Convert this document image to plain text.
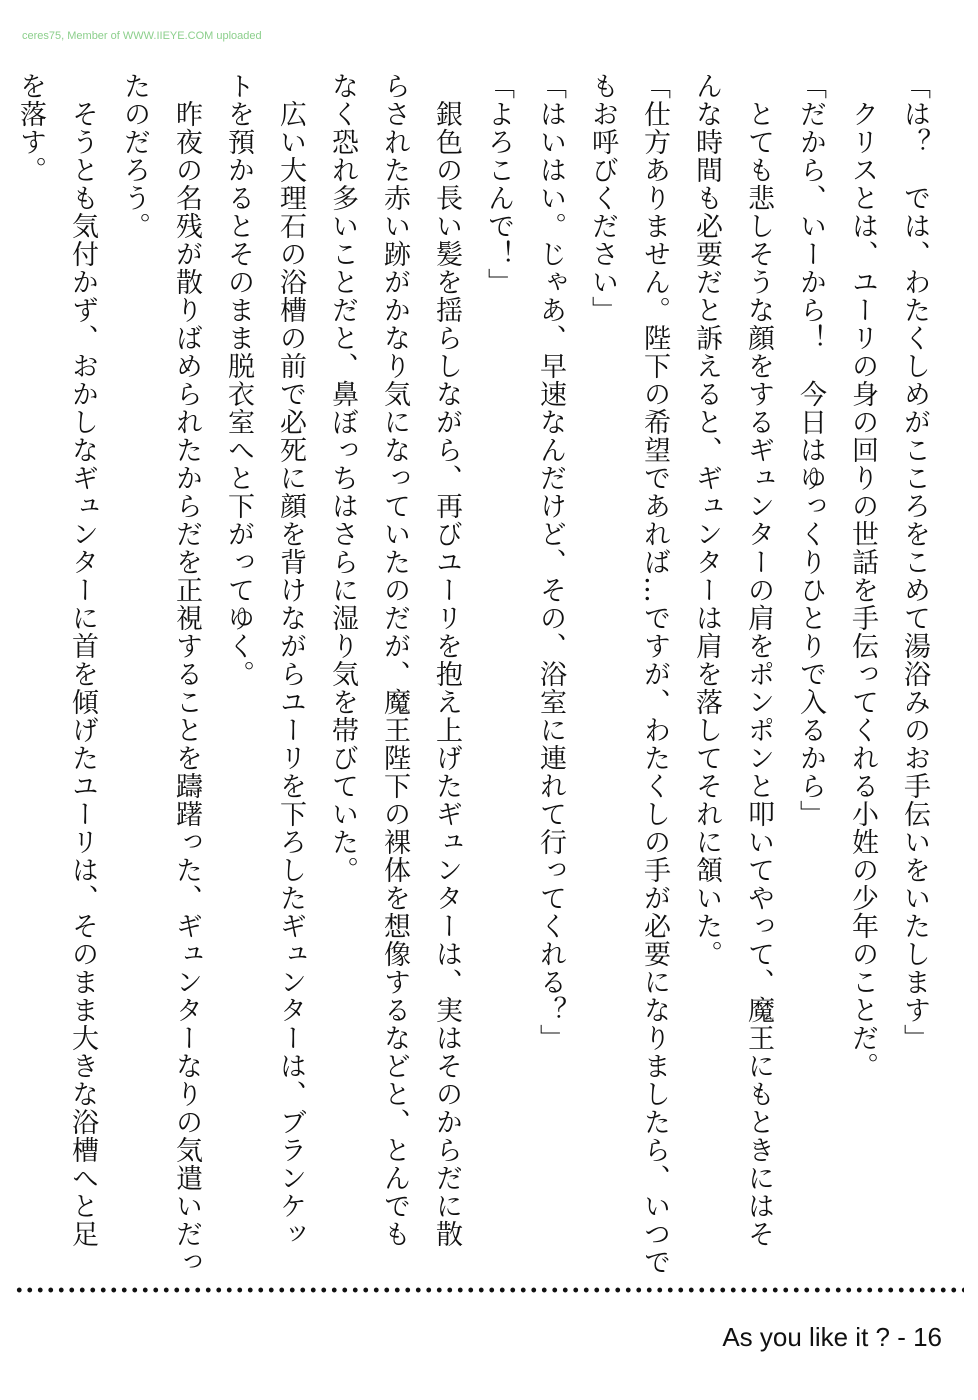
ceres75, Member of WWW.IIEYE.COM uploaded

「は？　では、わたくしめがこころをこめて湯浴みのお手伝いをいたします」

　クリスとは、ユーリの身の回りの世話を手伝ってくれる小姓の少年のことだ。

「だから、いーから！　今日はゆっくりひとりで入るから」

　とても悲しそうな顔をするギュンターの肩をポンポンと叩いてやって、魔王にもときにはそ

んな時間も必要だと訴えると、ギュンターは肩を落してそれに頷いた。

「仕方ありません。陛下の希望であれば…ですが、わたくしの手が必要になりましたら、いつで

もお呼びください」

「はいはい。じゃあ、早速なんだけど、その、浴室に連れて行ってくれる？」

「よろこんで！」

　銀色の長い髪を揺らしながら、再びユーリを抱え上げたギュンターは、実はそのからだに散

らされた赤い跡がかなり気になっていたのだが、魔王陛下の裸体を想像するなどと、とんでも

なく恐れ多いことだと、鼻ぼっちはさらに湿り気を帯びていた。

　広い大理石の浴槽の前で必死に顔を背けながらユーリを下ろしたギュンターは、ブランケッ

トを預かるとそのまま脱衣室へと下がってゆく。

　昨夜の名残が散りばめられたからだを正視することを躊躇った、ギュンターなりの気遣いだっ

たのだろう。

　そうとも気付かず、おかしなギュンターに首を傾げたユーリは、そのまま大きな浴槽へと足

を落す。

As you like it ? - 16
